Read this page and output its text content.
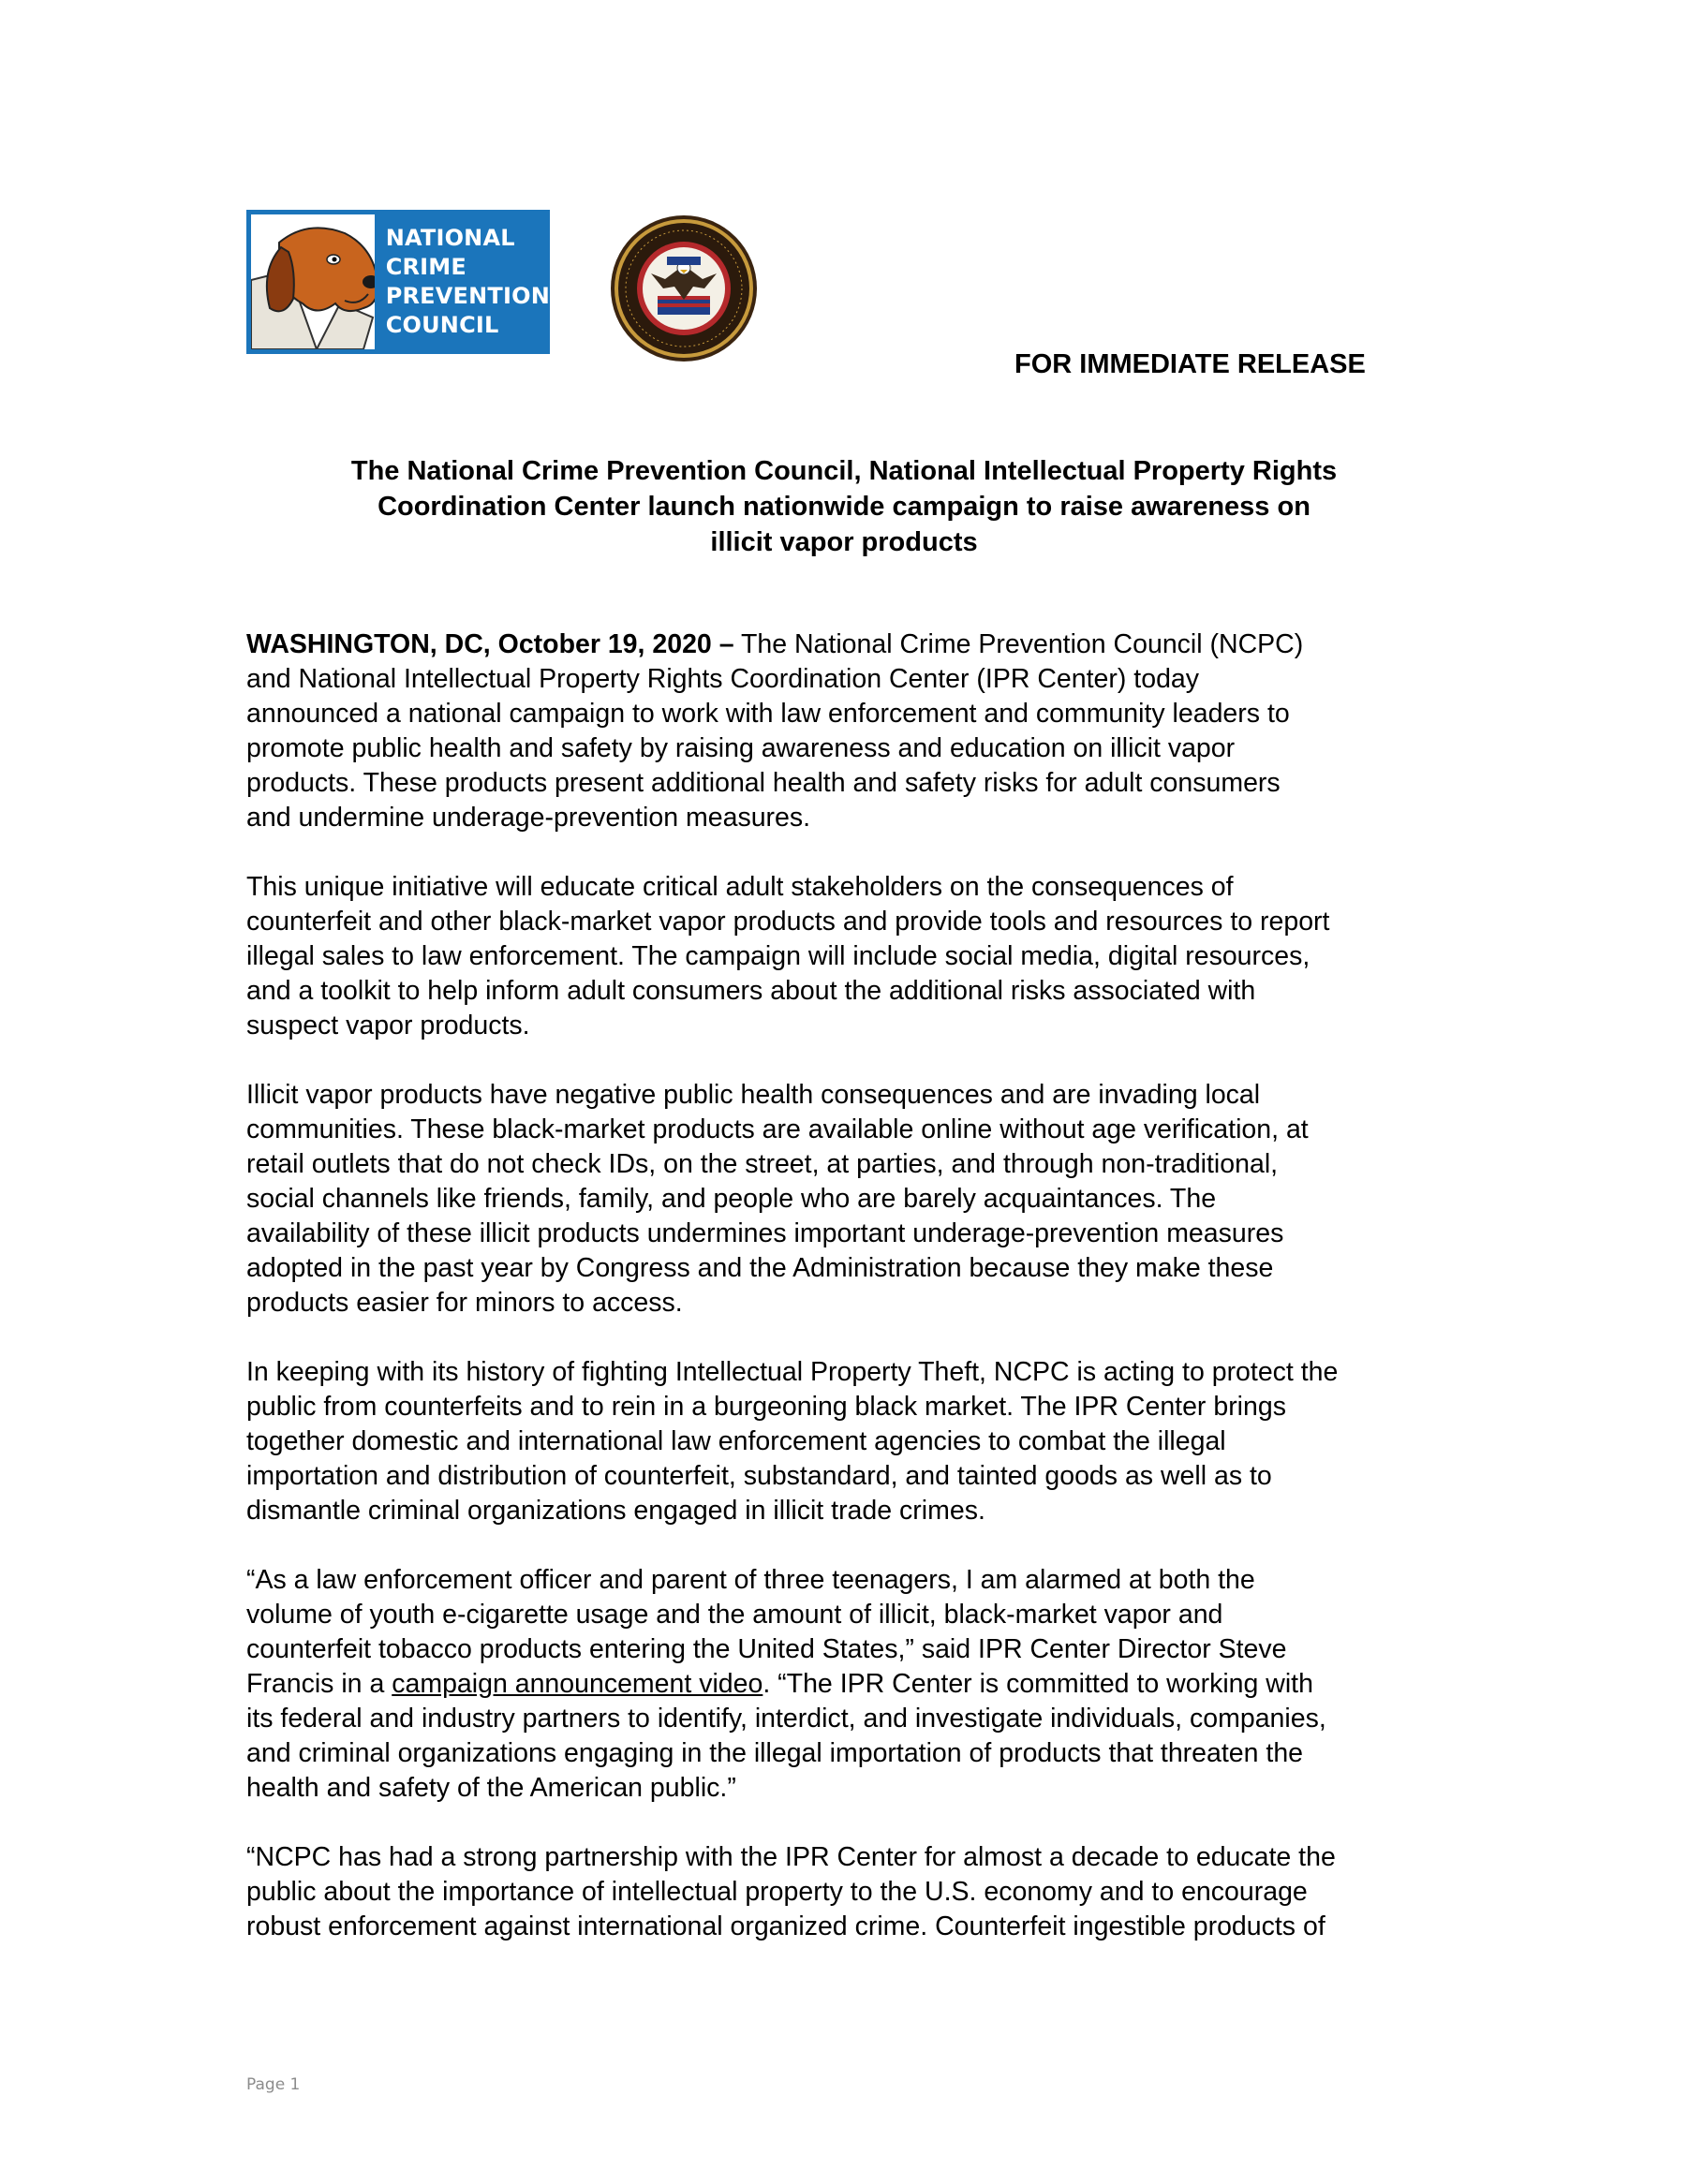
NATIONAL
CRIME
PREVENTION
COUNCIL
FOR IMMEDIATE RELEASE
The National Crime Prevention Council, National Intellectual Property Rights
Coordination Center launch nationwide campaign to raise awareness on
illicit vapor products
WASHINGTON, DC, October 19, 2020 – The National Crime Prevention Council (NCPC)
and National Intellectual Property Rights Coordination Center (IPR Center) today
announced a national campaign to work with law enforcement and community leaders to
promote public health and safety by raising awareness and education on illicit vapor
products. These products present additional health and safety risks for adult consumers
and undermine underage-prevention measures.
This unique initiative will educate critical adult stakeholders on the consequences of
counterfeit and other black-market vapor products and provide tools and resources to report
illegal sales to law enforcement. The campaign will include social media, digital resources,
and a toolkit to help inform adult consumers about the additional risks associated with
suspect vapor products.
Illicit vapor products have negative public health consequences and are invading local
communities. These black-market products are available online without age verification, at
retail outlets that do not check IDs, on the street, at parties, and through non-traditional,
social channels like friends, family, and people who are barely acquaintances. The
availability of these illicit products undermines important underage-prevention measures
adopted in the past year by Congress and the Administration because they make these
products easier for minors to access.
In keeping with its history of fighting Intellectual Property Theft, NCPC is acting to protect the
public from counterfeits and to rein in a burgeoning black market. The IPR Center brings
together domestic and international law enforcement agencies to combat the illegal
importation and distribution of counterfeit, substandard, and tainted goods as well as to
dismantle criminal organizations engaged in illicit trade crimes.
“As a law enforcement officer and parent of three teenagers, I am alarmed at both the
volume of youth e-cigarette usage and the amount of illicit, black-market vapor and
counterfeit tobacco products entering the United States,” said IPR Center Director Steve
Francis in a campaign announcement video. “The IPR Center is committed to working with
its federal and industry partners to identify, interdict, and investigate individuals, companies,
and criminal organizations engaging in the illegal importation of products that threaten the
health and safety of the American public.”
“NCPC has had a strong partnership with the IPR Center for almost a decade to educate the
public about the importance of intellectual property to the U.S. economy and to encourage
robust enforcement against international organized crime. Counterfeit ingestible products of
Page 1
